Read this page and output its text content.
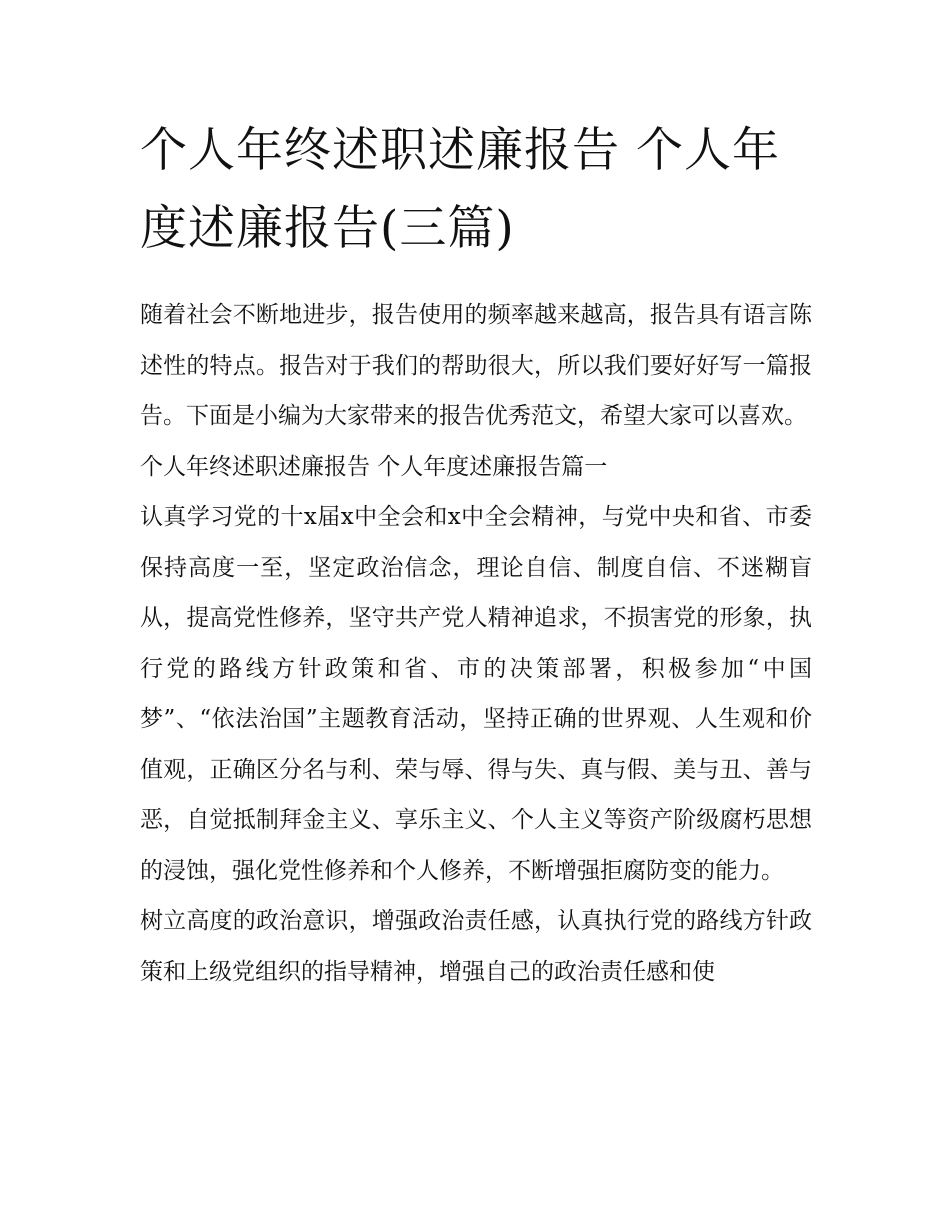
个人年终述职述廉报告 个人年度述廉报告(三篇)

随着社会不断地进步，报告使用的频率越来越高，报告具有语言陈述性的特点。报告对于我们的帮助很大，所以我们要好好写一篇报告。下面是小编为大家带来的报告优秀范文，希望大家可以喜欢。

个人年终述职述廉报告 个人年度述廉报告篇一

认真学习党的十x届x中全会和x中全会精神，与党中央和省、市委保持高度一至，坚定政治信念，理论自信、制度自信、不迷糊盲从，提高党性修养，坚守共产党人精神追求，不损害党的形象，执行党的路线方针政策和省、市的决策部署，积极参加“中国梦”、“依法治国”主题教育活动，坚持正确的世界观、人生观和价值观，正确区分名与利、荣与辱、得与失、真与假、美与丑、善与恶，自觉抵制拜金主义、享乐主义、个人主义等资产阶级腐朽思想的浸蚀，强化党性修养和个人修养，不断增强拒腐防变的能力。

树立高度的政治意识，增强政治责任感，认真执行党的路线方针政策和上级党组织的指导精神，增强自己的政治责任感和使
